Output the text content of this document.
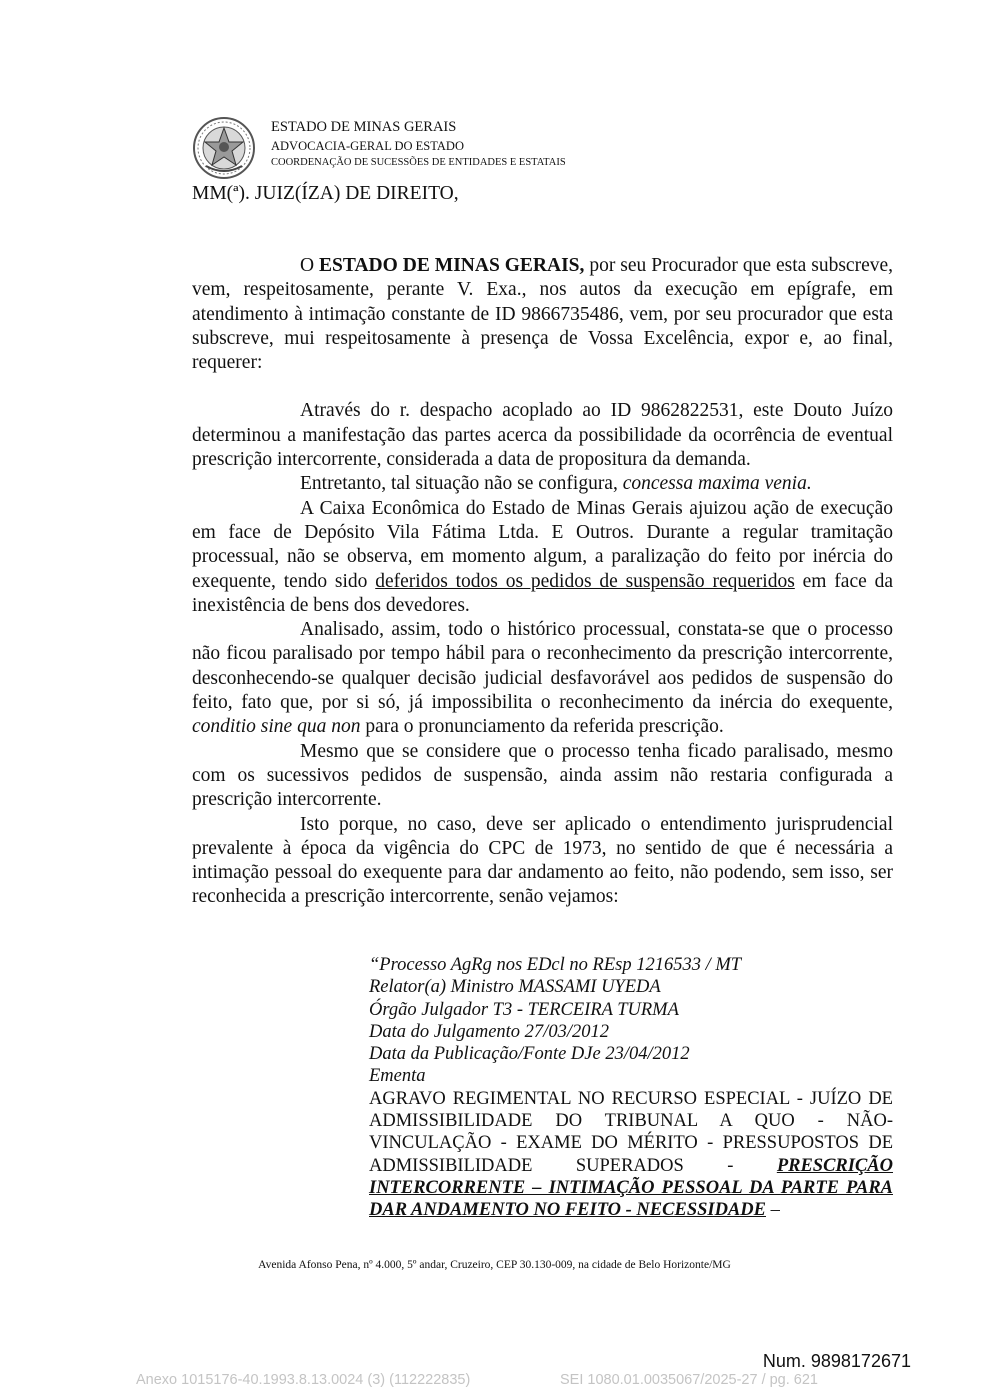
ESTADO DE MINAS GERAIS
ADVOCACIA-GERAL DO ESTADO
COORDENAÇÃO DE SUCESSÕES DE ENTIDADES E ESTATAIS
MM(ª). JUIZ(ÍZA) DE DIREITO,

O ESTADO DE MINAS GERAIS, por seu Procurador que esta subscreve, vem, respeitosamente, perante V. Exa., nos autos da execução em epígrafe, em atendimento à intimação constante de ID 9866735486, vem, por seu procurador que esta subscreve, mui respeitosamente à presença de Vossa Excelência, expor e, ao final, requerer:

Através do r. despacho acoplado ao ID 9862822531, este Douto Juízo determinou a manifestação das partes acerca da possibilidade da ocorrência de eventual prescrição intercorrente, considerada a data de propositura da demanda.

Entretanto, tal situação não se configura, concessa maxima venia.

A Caixa Econômica do Estado de Minas Gerais ajuizou ação de execução em face de Depósito Vila Fátima Ltda. E Outros. Durante a regular tramitação processual, não se observa, em momento algum, a paralização do feito por inércia do exequente, tendo sido deferidos todos os pedidos de suspensão requeridos em face da inexistência de bens dos devedores.

Analisado, assim, todo o histórico processual, constata-se que o processo não ficou paralisado por tempo hábil para o reconhecimento da prescrição intercorrente, desconhecendo-se qualquer decisão judicial desfavorável aos pedidos de suspensão do feito, fato que, por si só, já impossibilita o reconhecimento da inércia do exequente, conditio sine qua non para o pronunciamento da referida prescrição.

Mesmo que se considere que o processo tenha ficado paralisado, mesmo com os sucessivos pedidos de suspensão, ainda assim não restaria configurada a prescrição intercorrente.

Isto porque, no caso, deve ser aplicado o entendimento jurisprudencial prevalente à época da vigência do CPC de 1973, no sentido de que é necessária a intimação pessoal do exequente para dar andamento ao feito, não podendo, sem isso, ser reconhecida a prescrição intercorrente, senão vejamos:

“Processo AgRg nos EDcl no REsp 1216533 / MT
Relator(a) Ministro MASSAMI UYEDA
Órgão Julgador T3 - TERCEIRA TURMA
Data do Julgamento 27/03/2012
Data da Publicação/Fonte DJe 23/04/2012
Ementa
AGRAVO REGIMENTAL NO RECURSO ESPECIAL - JUÍZO DE ADMISSIBILIDADE DO TRIBUNAL A QUO - NÃO-VINCULAÇÃO - EXAME DO MÉRITO - PRESSUPOSTOS DE ADMISSIBILIDADE SUPERADOS - PRESCRIÇÃO INTERCORRENTE – INTIMAÇÃO PESSOAL DA PARTE PARA DAR ANDAMENTO NO FEITO - NECESSIDADE –
Avenida Afonso Pena, nº 4.000, 5º andar, Cruzeiro, CEP 30.130-009, na cidade de Belo Horizonte/MG
Num. 9898172671
Anexo 1015176-40.1993.8.13.0024 (3) (112222835)	SEI 1080.01.0035067/2025-27 / pg. 621
